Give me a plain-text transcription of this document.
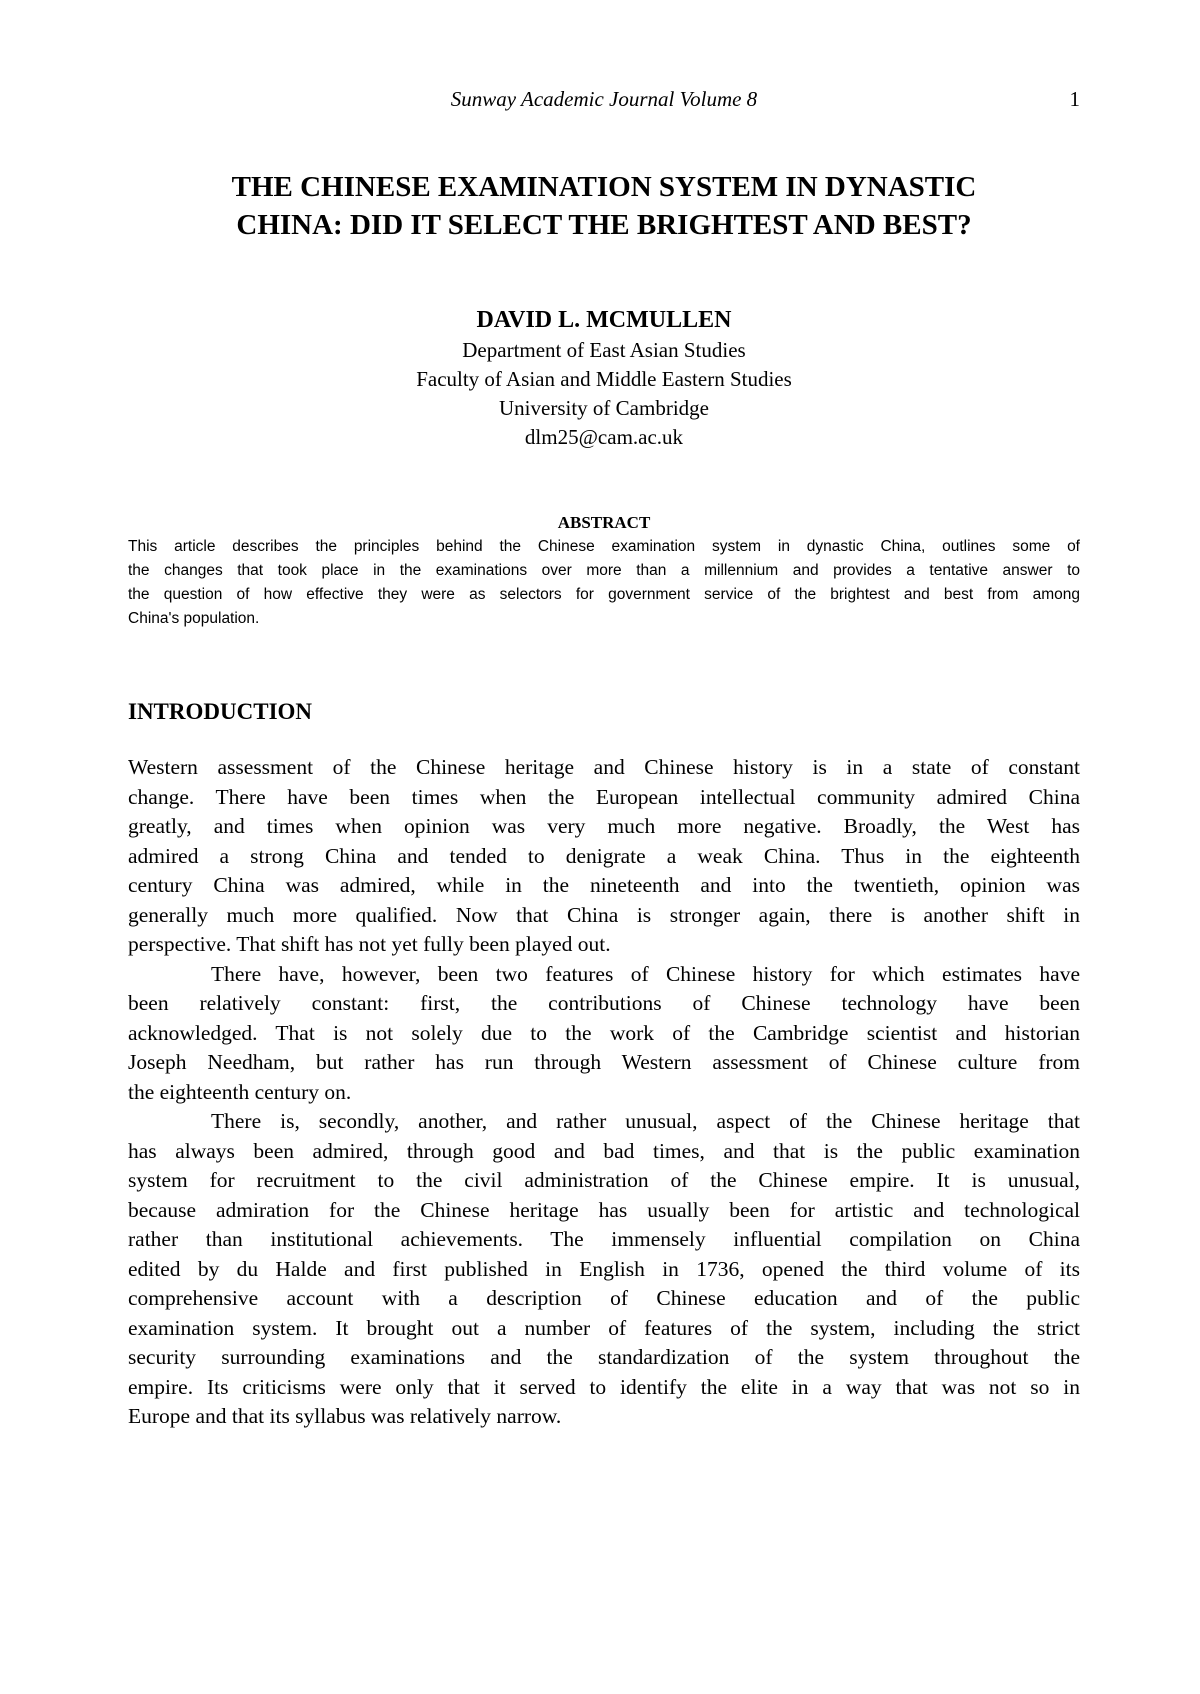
Sunway Academic Journal Volume 8	1
THE CHINESE EXAMINATION SYSTEM IN DYNASTIC
CHINA: DID IT SELECT THE BRIGHTEST AND BEST?
DAVID L. MCMULLEN
Department of East Asian Studies
Faculty of Asian and Middle Eastern Studies
University of Cambridge
dlm25@cam.ac.uk
ABSTRACT
This article describes the principles behind the Chinese examination system in dynastic China, outlines some of
the changes that took place in the examinations over more than a millennium and provides a tentative answer to
the question of how effective they were as selectors for government service of the brightest and best from among
China's population.
INTRODUCTION
Western assessment of the Chinese heritage and Chinese history is in a state of constant
change. There have been times when the European intellectual community admired China
greatly, and times when opinion was very much more negative. Broadly, the West has
admired a strong China and tended to denigrate a weak China. Thus in the eighteenth
century China was admired, while in the nineteenth and into the twentieth, opinion was
generally much more qualified. Now that China is stronger again, there is another shift in
perspective. That shift has not yet fully been played out.
There have, however, been two features of Chinese history for which estimates have
been relatively constant: first, the contributions of Chinese technology have been
acknowledged. That is not solely due to the work of the Cambridge scientist and historian
Joseph Needham, but rather has run through Western assessment of Chinese culture from
the eighteenth century on.
There is, secondly, another, and rather unusual, aspect of the Chinese heritage that
has always been admired, through good and bad times, and that is the public examination
system for recruitment to the civil administration of the Chinese empire. It is unusual,
because admiration for the Chinese heritage has usually been for artistic and technological
rather than institutional achievements. The immensely influential compilation on China
edited by du Halde and first published in English in 1736, opened the third volume of its
comprehensive account with a description of Chinese education and of the public
examination system. It brought out a number of features of the system, including the strict
security surrounding examinations and the standardization of the system throughout the
empire. Its criticisms were only that it served to identify the elite in a way that was not so in
Europe and that its syllabus was relatively narrow.
